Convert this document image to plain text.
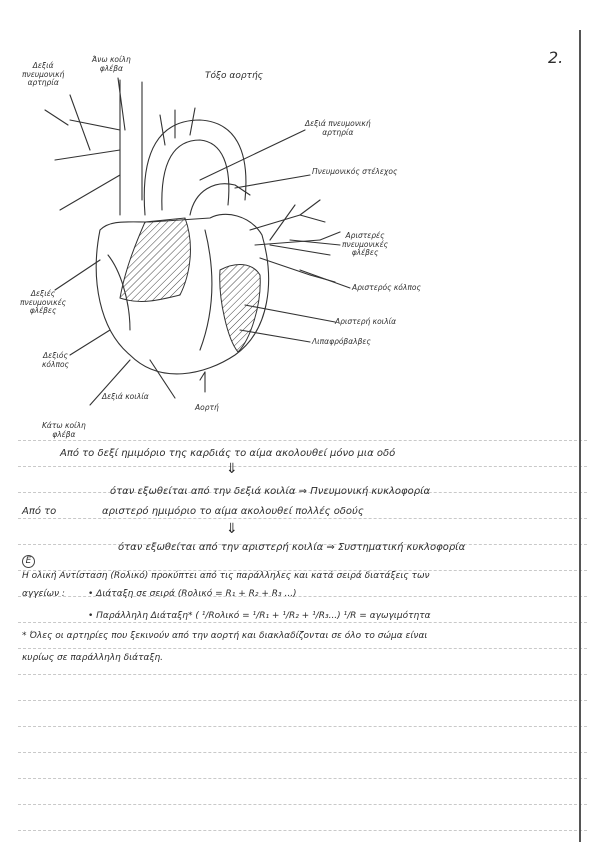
2.
Δεξιά
πνευμονική
αρτηρία
Άνω κοίλη
φλέβα
Τόξο αορτής
Δεξιά πνευμονική
αρτηρία
Πνευμονικός στέλεχος
Αριστερές
πνευμονικές
φλέβες
Αριστερός κόλπος
Δεξιές
πνευμονικές
φλέβες
Αριστερή κοιλία
Λιπαφρόβαλβες
Δεξιός
κόλπος
Δεξιά κοιλία
Αορτή
Κάτω κοίλη
φλέβα
Από το δεξί ημιμόριο της καρδιάς το αίμα ακολουθεί μόνο μια οδό
⇓
όταν εξωθείται από την δεξιά κοιλία ⇒ Πνευμονική κυκλοφορία
Από το	αριστερό ημιμόριο το αίμα ακολουθεί πολλές οδούς
⇓
όταν εξωθείται από την αριστερή κοιλία ⇒ Συστηματική κυκλοφορία
Ε
Η ολική Αντίσταση (Rολικό) προκύπτει από τις παράλληλες και κατά σειρά διατάξεις των
αγγείων :	• Διάταξη σε σειρά (Rολικό = R₁ + R₂ + R₃ ...)
• Παράλληλη Διάταξη* ( ¹/Rολικό = ¹/R₁ + ¹/R₂ + ¹/R₃...) ¹/R = αγωγιμότητα
* Όλες οι αρτηρίες που ξεκινούν από την αορτή και διακλαδίζονται σε όλο το σώμα είναι
κυρίως σε παράλληλη διάταξη.
